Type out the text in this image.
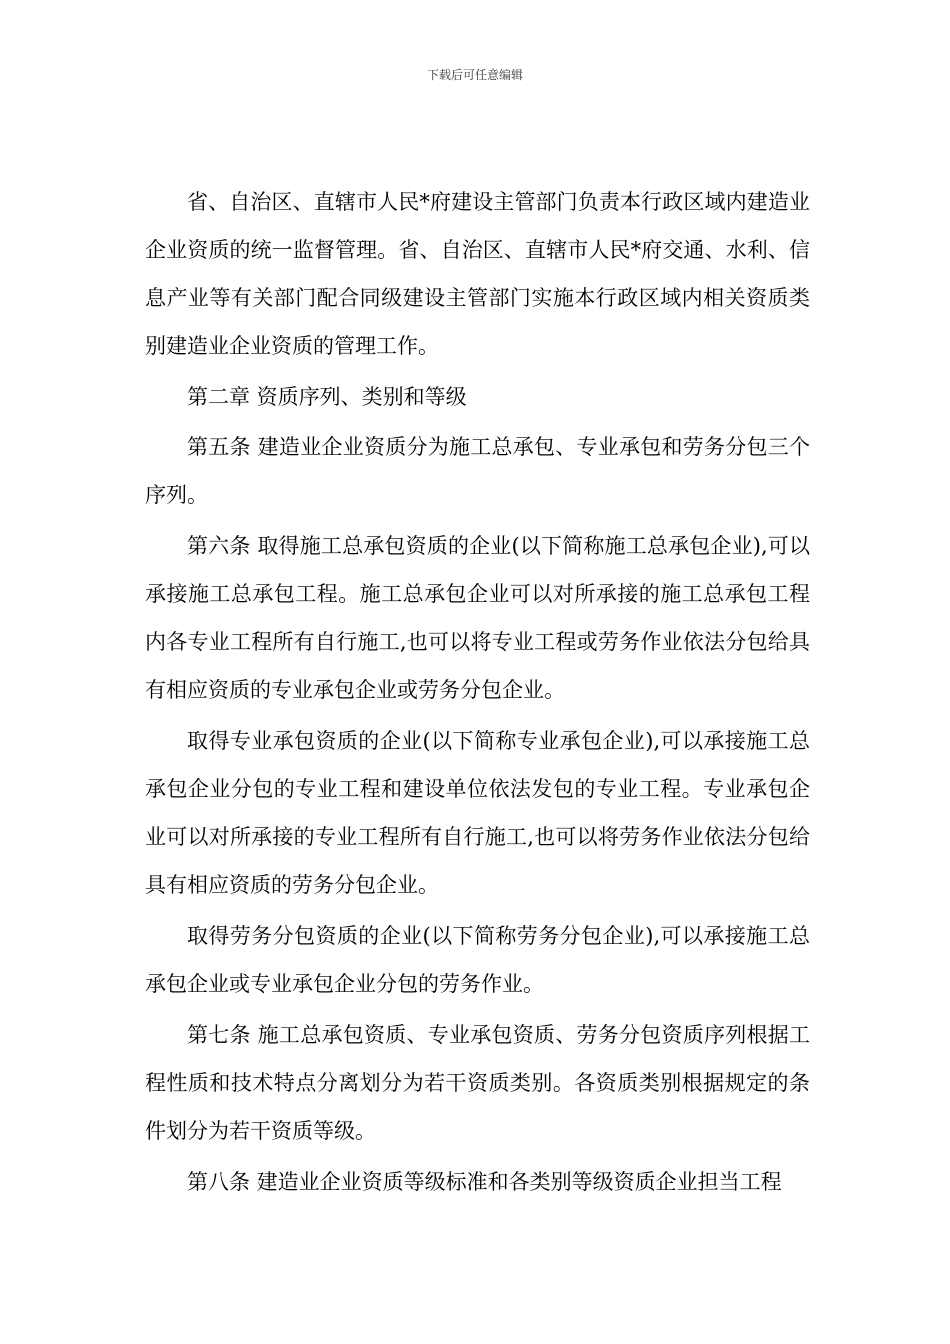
下载后可任意编辑

省、自治区、直辖市人民*府建设主管部门负责本行政区域内建造业企业资质的统一监督管理。省、自治区、直辖市人民*府交通、水利、信息产业等有关部门配合同级建设主管部门实施本行政区域内相关资质类别建造业企业资质的管理工作。

第二章 资质序列、类别和等级

第五条 建造业企业资质分为施工总承包、专业承包和劳务分包三个序列。

第六条 取得施工总承包资质的企业(以下简称施工总承包企业),可以承接施工总承包工程。施工总承包企业可以对所承接的施工总承包工程内各专业工程所有自行施工,也可以将专业工程或劳务作业依法分包给具有相应资质的专业承包企业或劳务分包企业。

取得专业承包资质的企业(以下简称专业承包企业),可以承接施工总承包企业分包的专业工程和建设单位依法发包的专业工程。专业承包企业可以对所承接的专业工程所有自行施工,也可以将劳务作业依法分包给具有相应资质的劳务分包企业。

取得劳务分包资质的企业(以下简称劳务分包企业),可以承接施工总承包企业或专业承包企业分包的劳务作业。

第七条 施工总承包资质、专业承包资质、劳务分包资质序列根据工程性质和技术特点分离划分为若干资质类别。各资质类别根据规定的条件划分为若干资质等级。

第八条 建造业企业资质等级标准和各类别等级资质企业担当工程
